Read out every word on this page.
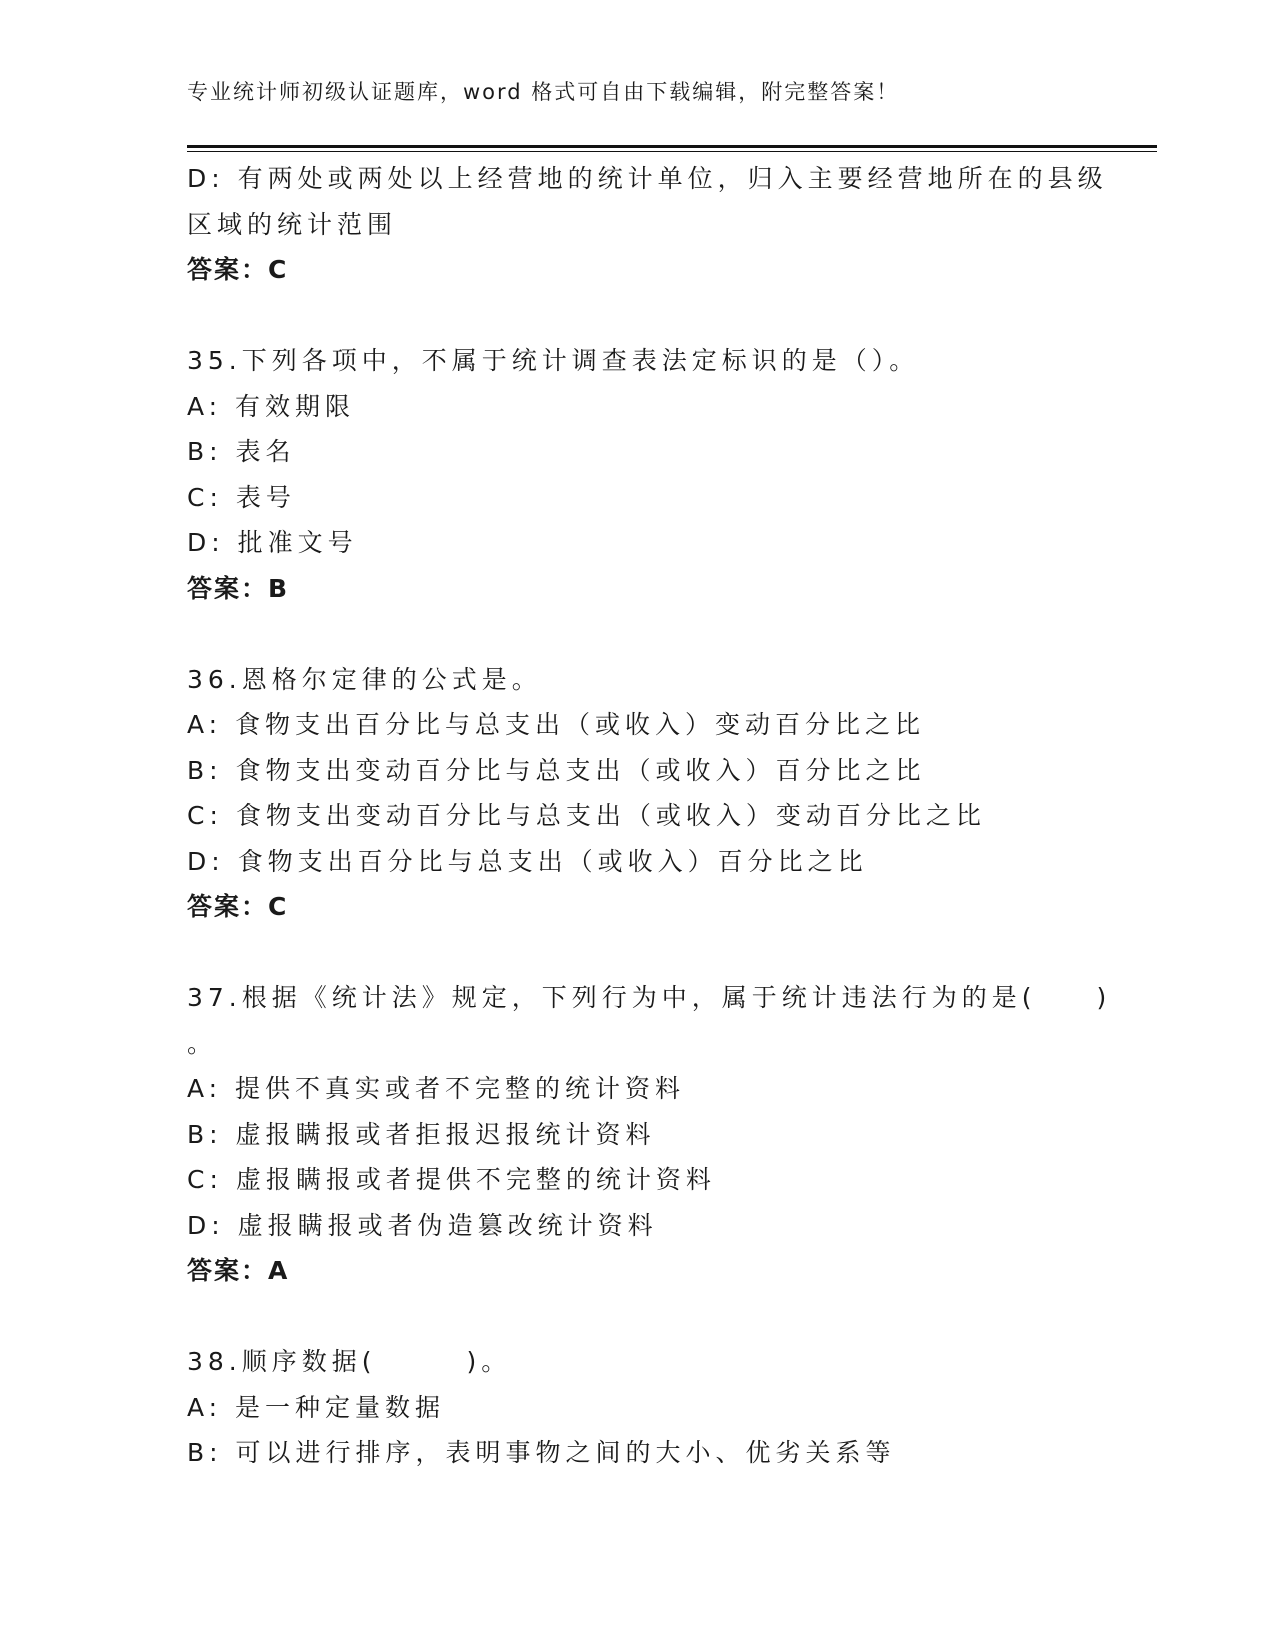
专业统计师初级认证题库，word 格式可自由下载编辑，附完整答案！
D: 有两处或两处以上经营地的统计单位，归入主要经营地所在的县级
区域的统计范围
答案：C
35.下列各项中，不属于统计调查表法定标识的是（）。
A: 有效期限
B: 表名
C: 表号
D: 批准文号
答案：B
36.恩格尔定律的公式是。
A: 食物支出百分比与总支出（或收入）变动百分比之比
B: 食物支出变动百分比与总支出（或收入）百分比之比
C: 食物支出变动百分比与总支出（或收入）变动百分比之比
D: 食物支出百分比与总支出（或收入）百分比之比
答案：C
37.根据《统计法》规定，下列行为中，属于统计违法行为的是(　　)
。
A: 提供不真实或者不完整的统计资料
B: 虚报瞒报或者拒报迟报统计资料
C: 虚报瞒报或者提供不完整的统计资料
D: 虚报瞒报或者伪造篡改统计资料
答案：A
38.顺序数据(　　　)。
A: 是一种定量数据
B: 可以进行排序，表明事物之间的大小、优劣关系等
